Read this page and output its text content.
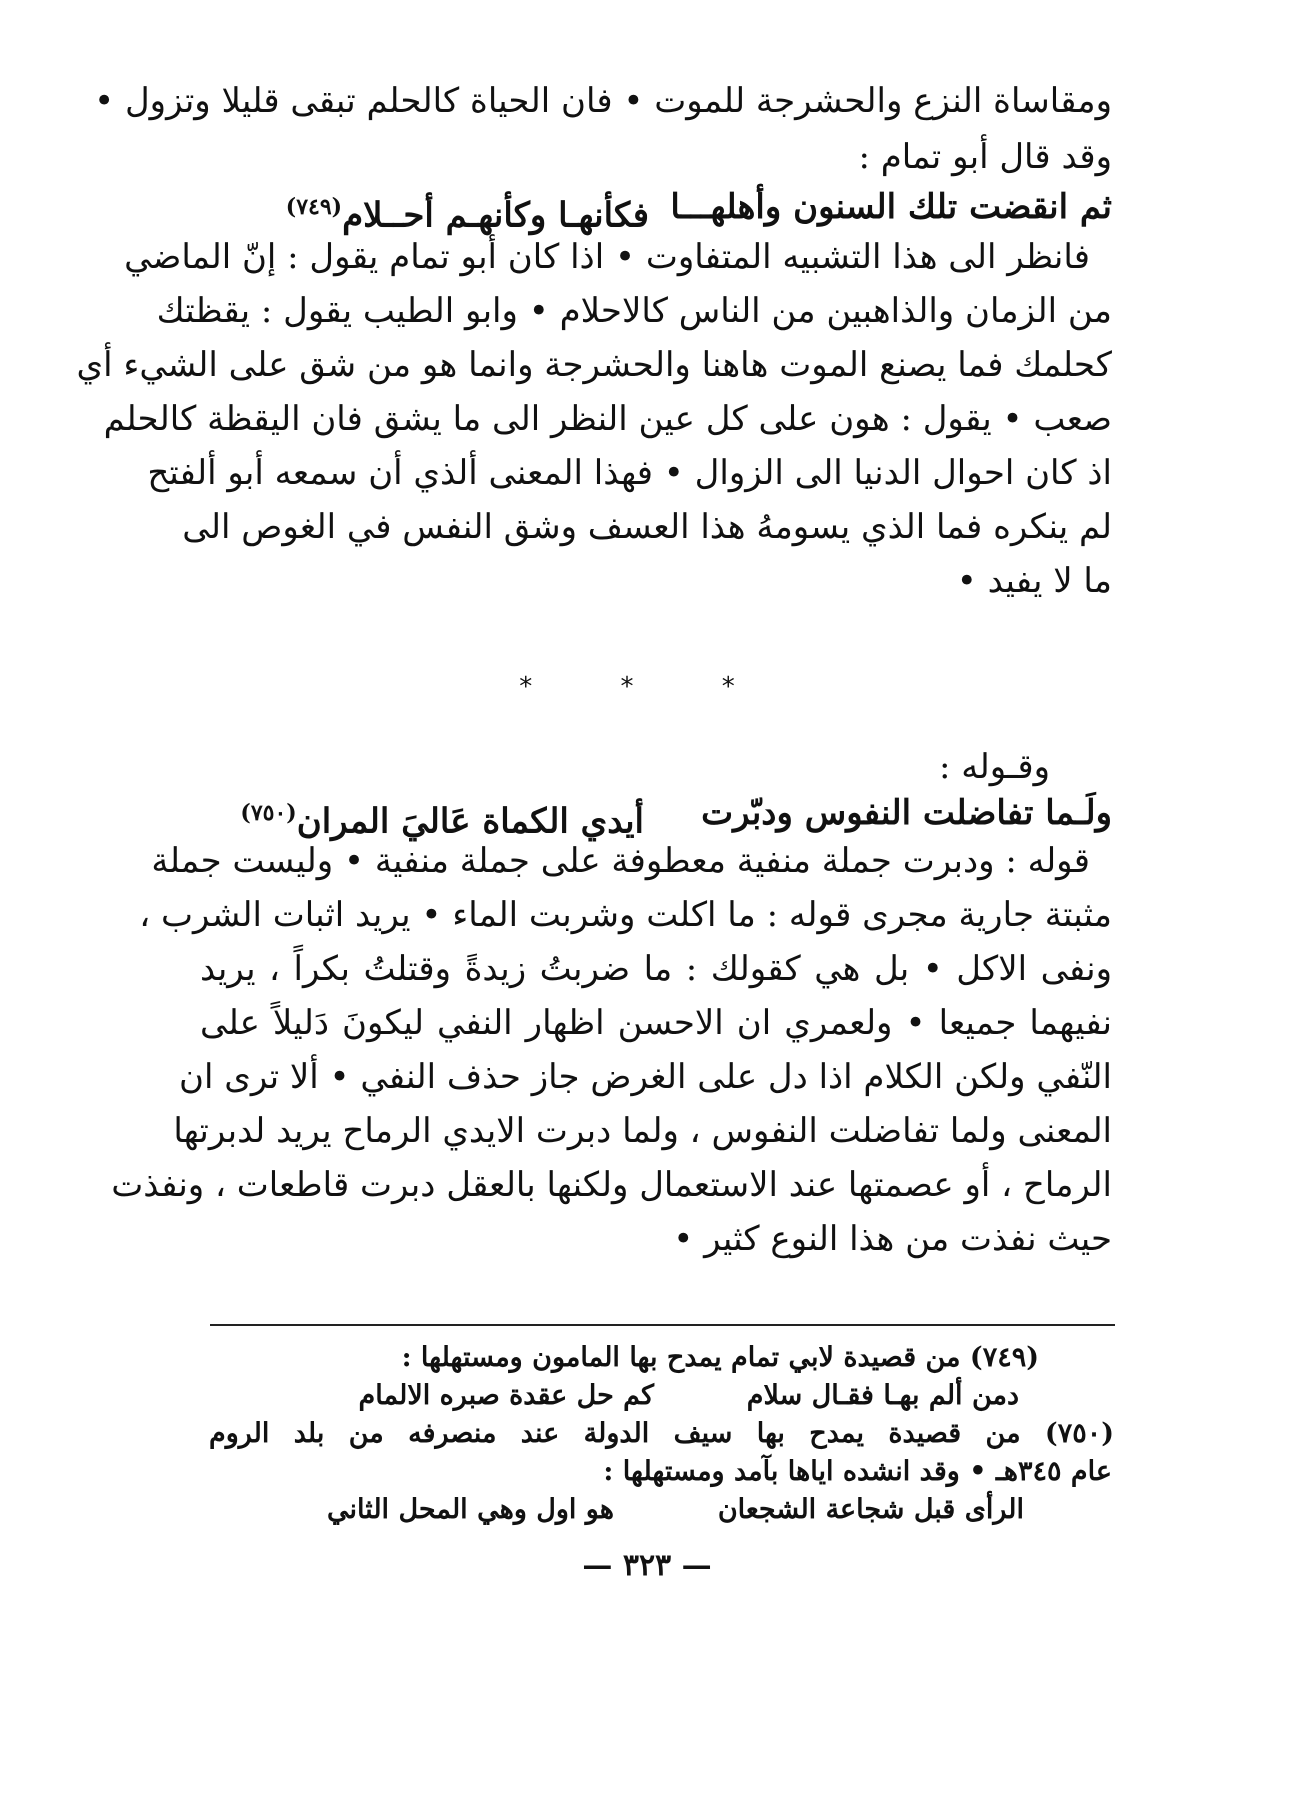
ومقاساة النزع والحشرجة للموت • فان الحياة كالحلم تبقى قليلا وتزول •
وقد قال أبو تمام :
ثم انقضت تلك السنون وأهلهـــا
فكأنهـا وكأنهـم أحــلام$^{(٧٤٩)}$
فانظر الى هذا التشبيه المتفاوت • اذا كان أبو تمام يقول : إنّ الماضي
من الزمان والذاهبين من الناس كالاحلام • وابو الطيب يقول : يقظتك
كحلمك فما يصنع الموت هاهنا والحشرجة وانما هو من شق على الشيء أي
صعب • يقول : هون على كل عين النظر الى ما يشق فان اليقظة كالحلم
اذ كان احوال الدنيا الى الزوال • فهذا المعنى ألذي أن سمعه أبو ألفتح
لم ينكره فما الذي يسومهُ هذا العسف وشق النفس في الغوص الى
ما لا يفيد •
* * *
وقـوله :
ولَـما تفاضلت النفوس ودبّرت
أيدي الكماة عَاليَ المران$^{(٧٥٠)}$
قوله : ودبرت جملة منفية معطوفة على جملة منفية • وليست جملة
مثبتة جارية مجرى قوله : ما اكلت وشربت الماء • يريد اثبات الشرب ،
ونفى الاكل • بل هي كقولك : ما ضربتُ زيدةً وقتلتُ بكراً ، يريد
نفيهما جميعا • ولعمري ان الاحسن اظهار النفي ليكونَ دَليلاً على
النّفي ولكن الكلام اذا دل على الغرض جاز حذف النفي • ألا ترى ان
المعنى ولما تفاضلت النفوس ، ولما دبرت الايدي الرماح يريد لدبرتها
الرماح ، أو عصمتها عند الاستعمال ولكنها بالعقل دبرت قاطعات ، ونفذت
حيث نفذت من هذا النوع كثير •
(٧٤٩) من قصيدة لابي تمام يمدح بها المامون ومستهلها :
دمن ألم بهـا فقـال سلام
كم حل عقدة صبره الالمام
(٧٥٠) من قصيدة يمدح بها سيف الدولة عند منصرفه من بلد الروم
عام ٣٤٥هـ • وقد انشده اياها بآمد ومستهلها :
الرأى قبل شجاعة الشجعان
هو اول وهي المحل الثاني
— ٣٢٣ —
